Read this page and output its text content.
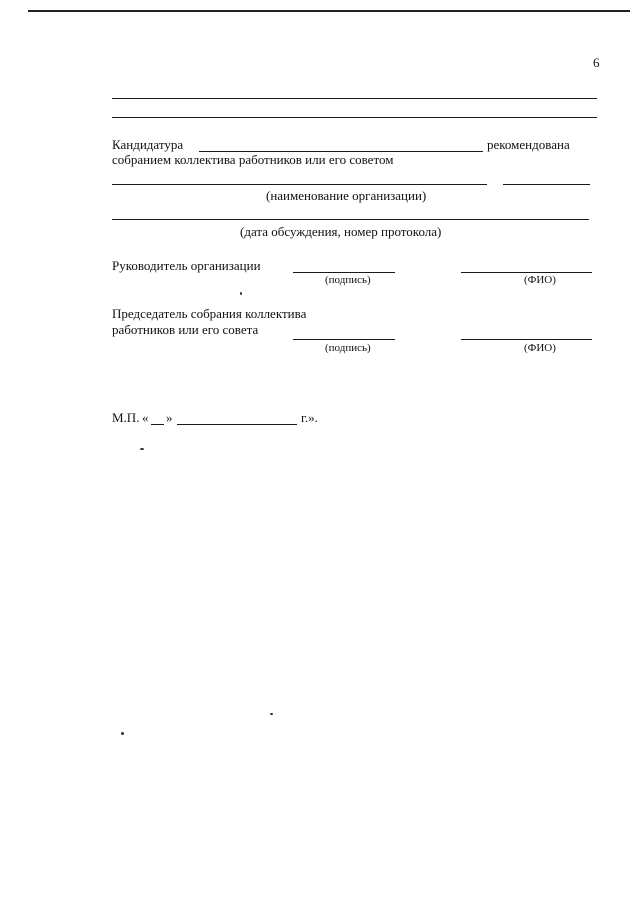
6
Кандидатура	рекомендована
собранием коллектива работников или его советом
(наименование организации)
(дата обсуждения, номер протокола)
Руководитель организации
(подпись)	(ФИО)
Председатель собрания коллектива
работников или его совета
(подпись)	(ФИО)
М.П. « »	г.».
